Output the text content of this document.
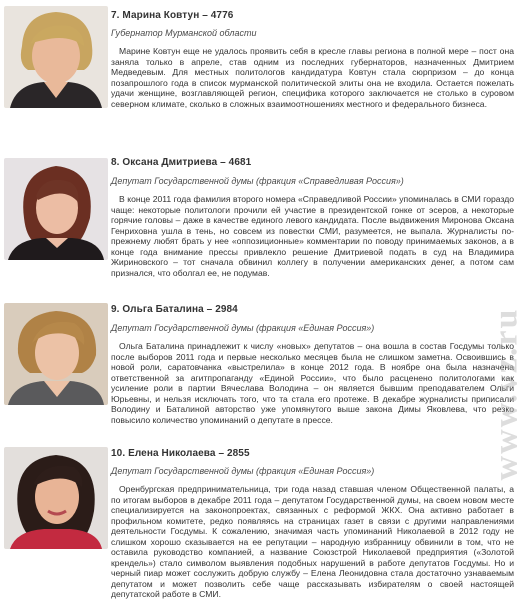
7. Марина Ковтун – 4776
Губернатор Мурманской области
Марине Ковтун еще не удалось проявить себя в кресле главы региона в полной мере – пост она заняла только в апреле, став одним из последних губернаторов, назначенных Дмитрием Медведевым. Для местных политологов кандидатура Ковтун стала сюрпризом – до конца позапрошлого года в список мурманской политической элиты она не входила. Остается пожелать удачи женщине, возглавляющей регион, специфика которого заключается не столько в суровом северном климате, сколько в сложных взаимоотношениях местного и федерального бизнеса.
8. Оксана Дмитриева – 4681
Депутат Государственной думы (фракция «Справедливая Россия»)
В конце 2011 года фамилия второго номера «Справедливой России» упоминалась в СМИ гораздо чаще: некоторые политологи прочили ей участие в президентской гонке от эсеров, а некоторые горячие головы – даже в качестве единого левого кандидата. После выдвижения Миронова Оксана Генриховна ушла в тень, но совсем из повестки СМИ, разумеется, не выпала. Журналисты по-прежнему любят брать у нее «оппозиционные» комментарии по поводу принимаемых законов, а в конце года внимание прессы привлекло решение Дмитриевой подать в суд на Владимира Жириновского – тот сначала обвинил коллегу в получении американских денег, а потом сам признался, что оболгал ее, не подумав.
9. Ольга Баталина – 2984
Депутат Государственной думы (фракция «Единая Россия»)
Ольга Баталина принадлежит к числу «новых» депутатов – она вошла в состав Госдумы только после выборов 2011 года и первые несколько месяцев была не слишком заметна. Освоившись в новой роли, саратовчанка «выстрелила» в конце 2012 года. В ноябре она была назначена ответственной за агитпропаганду «Единой России», что было расценено политологами как усиление роли в партии Вячеслава Володина – он является бывшим преподавателем Ольги Юрьевны, и нельзя исключать того, что та стала его протеже. В декабре журналисты приписали Володину и Баталиной авторство уже упомянутого выше закона Димы Яковлева, что резко повысило количество упоминаний о депутате в прессе.
10. Елена Николаева – 2855
Депутат Государственной думы (фракция «Единая Россия»)
Оренбургская предпринимательница, три года назад ставшая членом Общественной палаты, а по итогам выборов в декабре 2011 года – депутатом Государственной думы, на своем новом месте специализируется на законопроектах, связанных с реформой ЖКХ. Она активно работает в профильном комитете, редко появляясь на страницах газет в связи с другими направлениями деятельности Госдумы. К сожалению, значимая часть упоминаний Николаевой в 2012 году не слишком хорошо сказывается на ее репутации – народную избранницу обвинили в том, что не оставила руководство компанией, а название Союзстрой Николаевой предприятия («Золотой крендель») стало символом выявления подобных нарушений в работе депутатов Госдумы. Но и черный пиар может сослужить добрую службу – Елена Леонидовна стала достаточно узнаваемым депутатом и может позволить себе чаще рассказывать избирателям о своей настоящей депутатской работе в СМИ.
www.vz.ru
